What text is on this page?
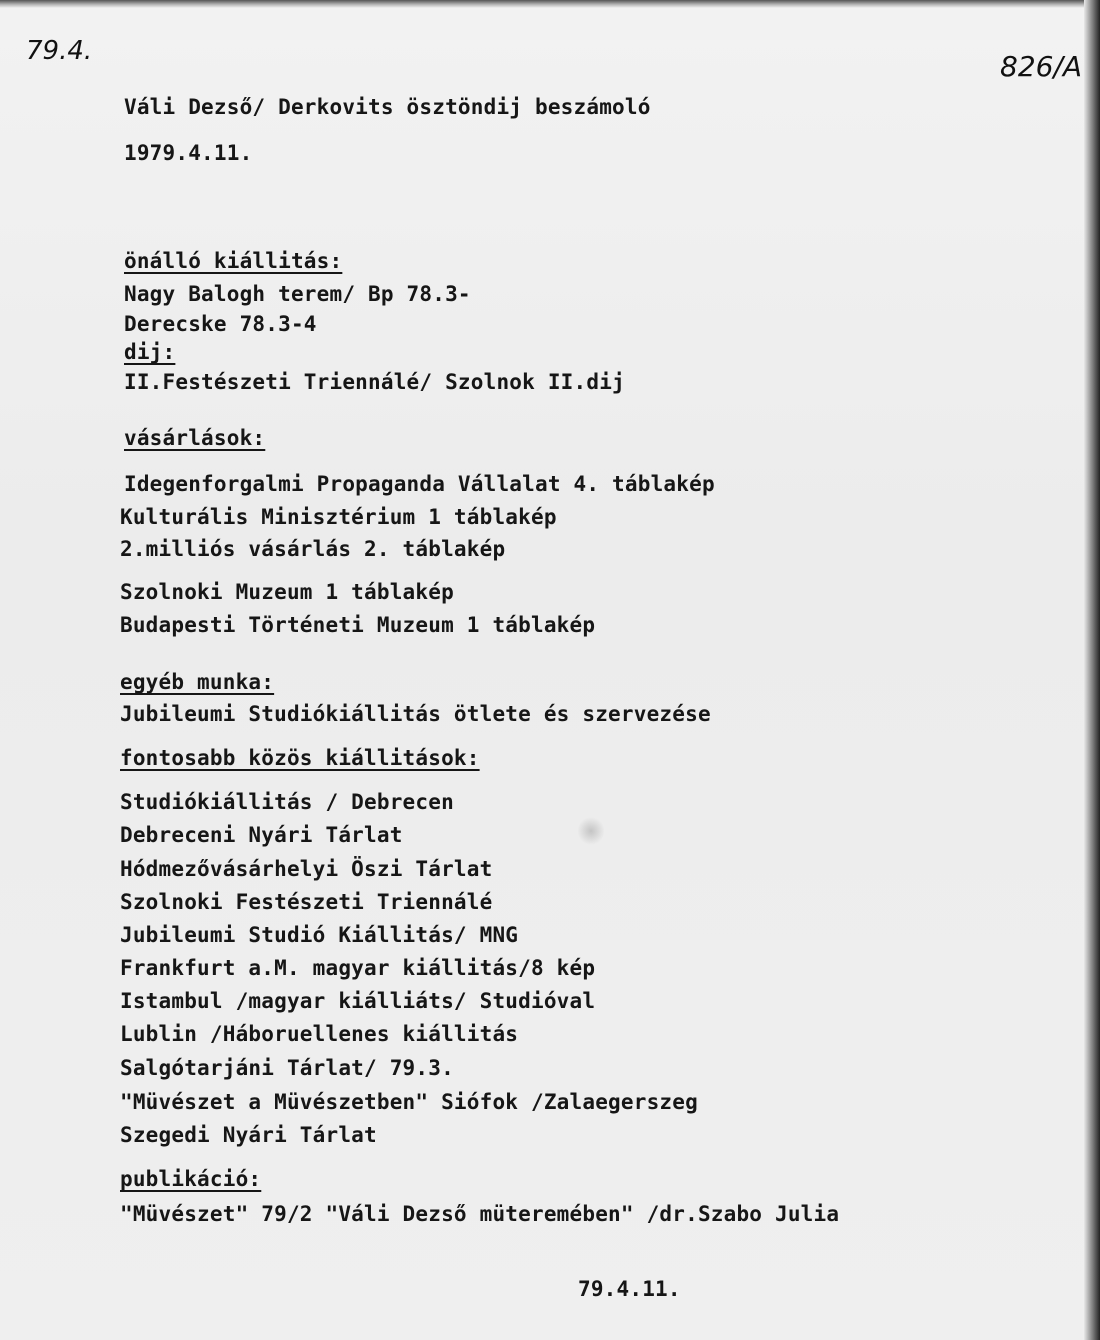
79.4.	826/A
Váli Dezső/ Derkovits ösztöndij beszámoló
1979.4.11.
önálló kiállitás:
Nagy Balogh terem/ Bp 78.3-
Derecske 78.3-4
dij:
II.Festészeti Triennálé/ Szolnok II.dij
vásárlások:
Idegenforgalmi Propaganda Vállalat 4. táblakép
Kulturális Minisztérium 1 táblakép
2.milliós vásárlás 2. táblakép
Szolnoki Muzeum 1 táblakép
Budapesti Történeti Muzeum 1 táblakép
egyéb munka:
Jubileumi Studiókiállitás ötlete és szervezése
fontosabb közös kiállitások:
Studiókiállitás / Debrecen
Debreceni Nyári Tárlat
Hódmezővásárhelyi Öszi Tárlat
Szolnoki Festészeti Triennálé
Jubileumi Studió Kiállitás/ MNG
Frankfurt a.M. magyar kiállitás/8 kép
Istambul /magyar kiálliáts/ Studióval
Lublin /Háboruellenes kiállitás
Salgótarjáni Tárlat/ 79.3.
"Müvészet a Müvészetben" Siófok /Zalaegerszeg
Szegedi Nyári Tárlat
publikáció:
"Müvészet" 79/2 "Váli Dezső müteremében" /dr.Szabo Julia
79.4.11.
